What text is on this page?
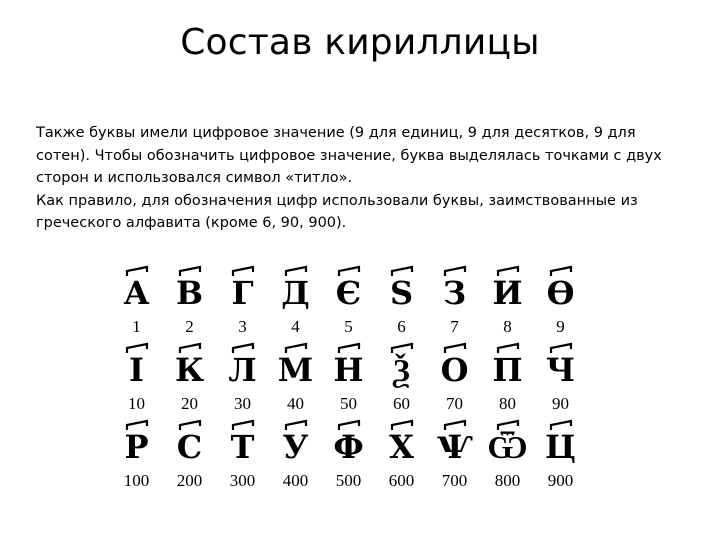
Состав кириллицы

Также буквы имели цифровое значение (9 для единиц, 9 для десятков, 9 для сотен). Чтобы обозначить цифровое значение, буква выделялась точками с двух сторон и использовался символ «титло».

Как правило, для обозначения цифр использовали буквы, заимствованные из греческого алфавита (кроме 6, 90, 900).

А
1
В
2
Г
3
Д
4
Є
5
Ѕ
6
З
7
И
8
Ѳ
9
І
10
К
20
Л
30
М
40
Н
50
Ѯ
60
О
70
П
80
Ч
90
Р
100
С
200
Т
300
У
400
Ф
500
Х
600
Ѱ
700
Ѿ
800
Ц
900
